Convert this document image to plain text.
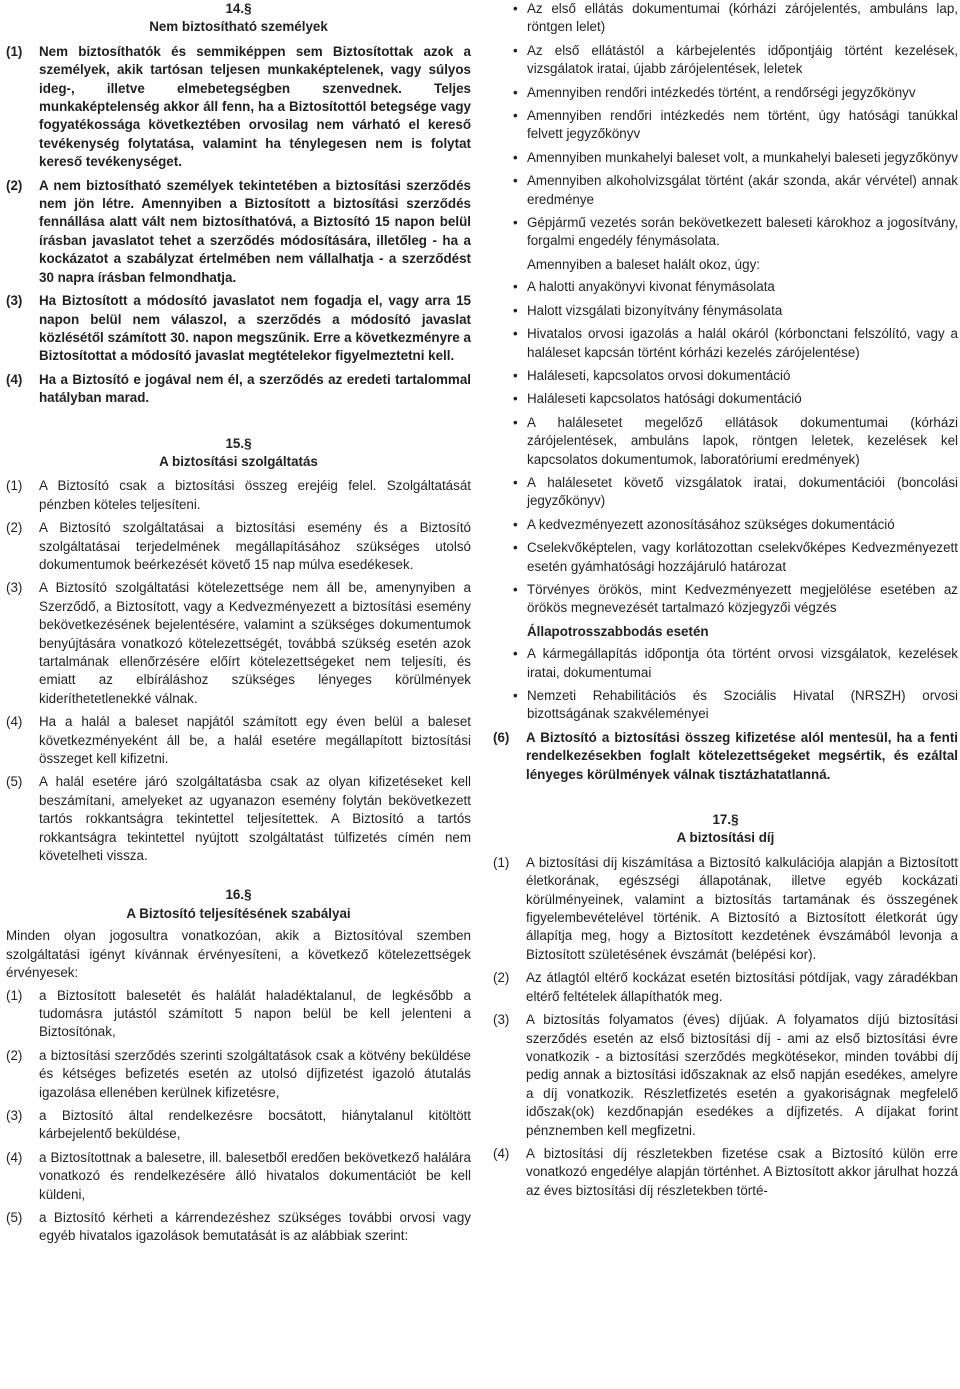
14.§
Nem biztosítható személyek
(1)	Nem biztosíthatók és semmiképpen sem Biztosítottak azok a személyek, akik tartósan teljesen munkaképtelenek, vagy súlyos ideg-, illetve elmebetegségben szenvednek. Teljes munkaképtelenség akkor áll fenn, ha a Biztosítottól betegsége vagy fogyatékossága következtében orvosilag nem várható el kereső tevékenység folytatása, valamint ha ténylegesen nem is folytat kereső tevékenységet.
(2)	A nem biztosítható személyek tekintetében a biztosítási szerződés nem jön létre. Amennyiben a Biztosított a biztosítási szerződés fennállása alatt vált nem biztosíthatóvá, a Biztosító 15 napon belül írásban javaslatot tehet a szerződés módosítására, illetőleg - ha a kockázatot a szabályzat értelmében nem vállalhatja - a szerződést 30 napra írásban felmondhatja.
(3)	Ha Biztosított a módosító javaslatot nem fogadja el, vagy arra 15 napon belül nem válaszol, a szerződés a módosító javaslat közlésétől számított 30. napon megszűnik. Erre a következményre a Biztosítottat a módosító javaslat megtételekor figyelmeztetni kell.
(4)	Ha a Biztosító e jogával nem él, a szerződés az eredeti tartalommal hatályban marad.
15.§
A biztosítási szolgáltatás
(1)	A Biztosító csak a biztosítási összeg erejéig felel. Szolgáltatását pénzben köteles teljesíteni.
(2)	A Biztosító szolgáltatásai a biztosítási esemény és a Biztosító szolgáltatásai terjedelmének megállapításához szükséges utolsó dokumentumok beérkezését követő 15 nap múlva esedékesek.
(3)	A Biztosító szolgáltatási kötelezettsége nem áll be, amenynyiben a Szerződő, a Biztosított, vagy a Kedvezményezett a biztosítási esemény bekövetkezésének bejelentésére, valamint a szükséges dokumentumok benyújtására vonatkozó kötelezettségét, továbbá szükség esetén azok tartalmának ellenőrzésére előírt kötelezettségeket nem teljesíti, és emiatt az elbíráláshoz szükséges lényeges körülmények kideríthetetlenekké válnak.
(4)	Ha a halál a baleset napjától számított egy éven belül a baleset következményeként áll be, a halál esetére megállapított biztosítási összeget kell kifizetni.
(5)	A halál esetére járó szolgáltatásba csak az olyan kifizetéseket kell beszámítani, amelyeket az ugyanazon esemény folytán bekövetkezett tartós rokkantságra tekintettel teljesítettek. A Biztosító a tartós rokkantságra tekintettel nyújtott szolgáltatást túlfizetés címén nem követelheti vissza.
16.§
A Biztosító teljesítésének szabályai
Minden olyan jogosultra vonatkozóan, akik a Biztosítóval szemben szolgáltatási igényt kívánnak érvényesíteni, a következő kötelezettségek érvényesek:
(1)	a Biztosított balesetét és halálát haladéktalanul, de legkésőbb a tudomásra jutástól számított 5 napon belül be kell jelenteni a Biztosítónak,
(2)	a biztosítási szerződés szerinti szolgáltatások csak a kötvény beküldése és kétséges befizetés esetén az utolsó díjfizetést igazoló átutalás igazolása ellenében kerülnek kifizetésre,
(3)	a Biztosító által rendelkezésre bocsátott, hiánytalanul kitöltött kárbejelentő beküldése,
(4)	a Biztosítottnak a balesetre, ill. balesetből eredően bekövetkező halálára vonatkozó és rendelkezésére álló hivatalos dokumentációt be kell küldeni,
(5)	a Biztosító kérheti a kárrendezéshez szükséges további orvosi vagy egyéb hivatalos igazolások bemutatását is az alábbiak szerint:
• Az első ellátás dokumentumai (kórházi zárójelentés, ambuláns lap, röntgen lelet)
• Az első ellátástól a kárbejelentés időpontjáig történt kezelések, vizsgálatok iratai, újabb zárójelentések, leletek
• Amennyiben rendőri intézkedés történt, a rendőrségi jegyzőkönyv
• Amennyiben rendőri intézkedés nem történt, úgy hatósági tanúkkal felvett jegyzőkönyv
• Amennyiben munkahelyi baleset volt, a munkahelyi baleseti jegyzőkönyv
• Amennyiben alkoholvizsgálat történt (akár szonda, akár vérvétel) annak eredménye
• Gépjármű vezetés során bekövetkezett baleseti károkhoz a jogosítvány, forgalmi engedély fénymásolata.
Amennyiben a baleset halált okoz, úgy:
• A halotti anyakönyvi kivonat fénymásolata
• Halott vizsgálati bizonyítvány fénymásolata
• Hivatalos orvosi igazolás a halál okáról (kórbonctani felszólító, vagy a haláleset kapcsán történt kórházi kezelés zárójelentése)
• Haláleseti, kapcsolatos orvosi dokumentáció
• Haláleseti kapcsolatos hatósági dokumentáció
• A halálesetet megelőző ellátások dokumentumai (kórházi zárójelentések, ambuláns lapok, röntgen leletek, kezelések kel kapcsolatos dokumentumok, laboratóriumi eredmények)
• A halálesetet követő vizsgálatok iratai, dokumentációi (boncolási jegyzőkönyv)
• A kedvezményezett azonosításához szükséges dokumentáció
• Cselekvőképtelen, vagy korlátozottan cselekvőképes Kedvezményezett esetén gyámhatósági hozzájáruló határozat
• Törvényes örökös, mint Kedvezményezett megjelölése esetében az örökös megnevezését tartalmazó közjegyzői végzés
Állapotrosszabbodás esetén
• A kármegállapítás időpontja óta történt orvosi vizsgálatok, kezelések iratai, dokumentumai
• Nemzeti Rehabilitációs és Szociális Hivatal (NRSZH) orvosi bizottságának szakvéleményei
(6)	A Biztosító a biztosítási összeg kifizetése alól mentesül, ha a fenti rendelkezésekben foglalt kötelezettségeket megsértik, és ezáltal lényeges körülmények válnak tisztázhatatlanná.
17.§
A biztosítási díj
(1)	A biztosítási díj kiszámítása a Biztosító kalkulációja alapján a Biztosított életkorának, egészségi állapotának, illetve egyéb kockázati körülményeinek, valamint a biztosítás tartamának és összegének figyelembevételével történik. A Biztosító a Biztosított életkorát úgy állapítja meg, hogy a Biztosított kezdetének évszámából levonja a Biztosított születésének évszámát (belépési kor).
(2)	Az átlagtól eltérő kockázat esetén biztosítási pótdíjak, vagy záradékban eltérő feltételek állapíthatók meg.
(3)	A biztosítás folyamatos (éves) díjúak. A folyamatos díjú biztosítási szerződés esetén az első biztosítási díj - ami az első biztosítási évre vonatkozik - a biztosítási szerződés megkötésekor, minden további díj pedig annak a biztosítási időszaknak az első napján esedékes, amelyre a díj vonatkozik. Részletfizetés esetén a gyakoriságnak megfelelő időszak(ok) kezdőnapján esedékes a díjfizetés. A díjakat forint pénznemben kell megfizetni.
(4)	A biztosítási díj részletekben fizetése csak a Biztosító külön erre vonatkozó engedélye alapján történhet. A Biztosított akkor járulhat hozzá az éves biztosítási díj részletekben törté-
